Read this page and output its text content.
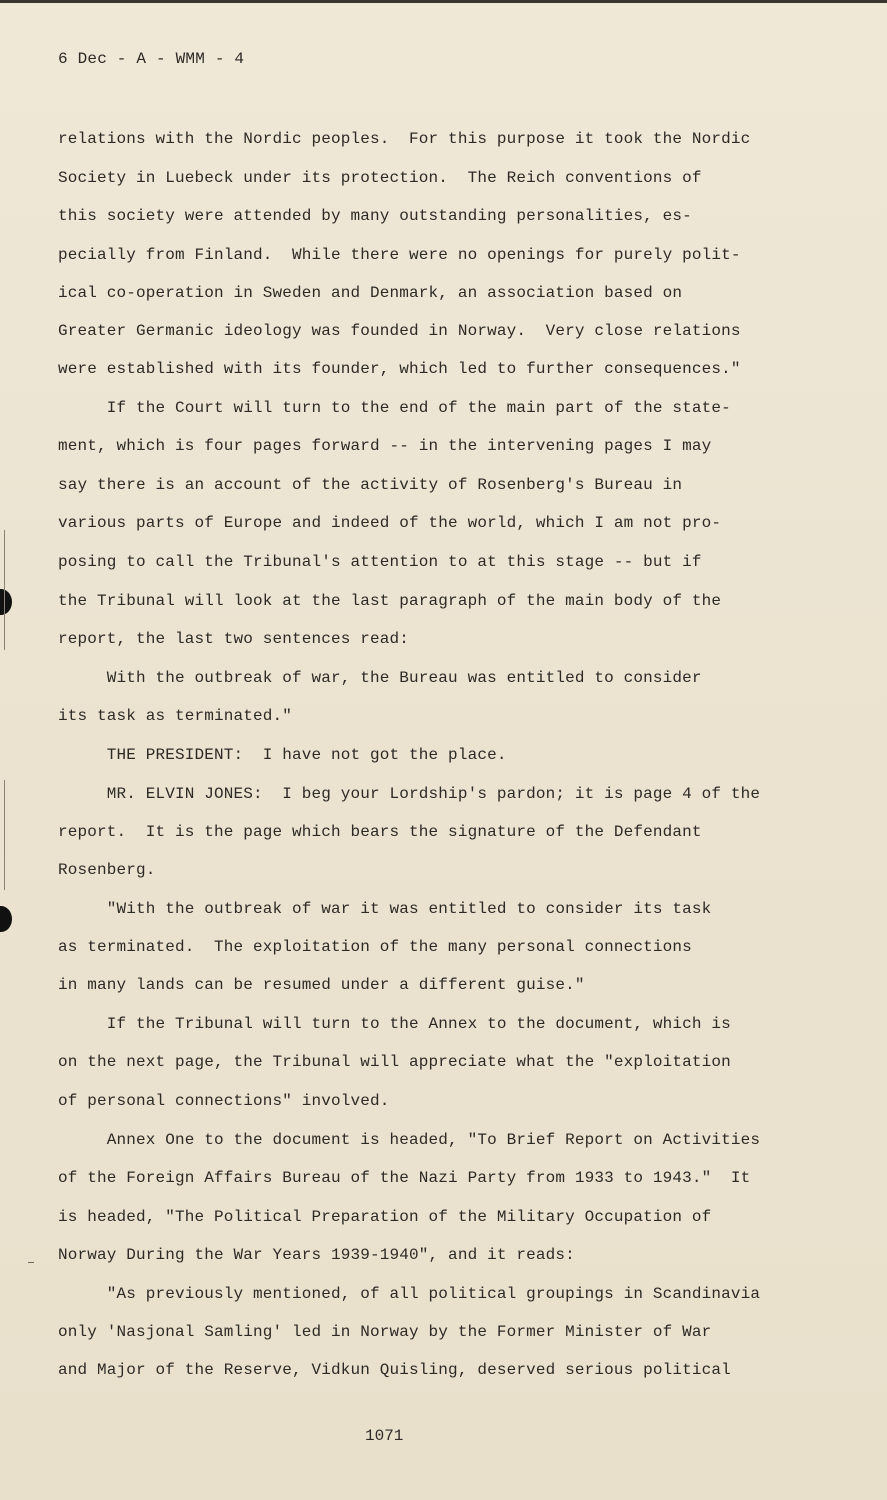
6 Dec - A - WMM - 4
relations with the Nordic peoples.  For this purpose it took the Nordic
Society in Luebeck under its protection.  The Reich conventions of
this society were attended by many outstanding personalities, es-
pecially from Finland.  While there were no openings for purely polit-
ical co-operation in Sweden and Denmark, an association based on
Greater Germanic ideology was founded in Norway.  Very close relations
were established with its founder, which led to further consequences."
If the Court will turn to the end of the main part of the state-
ment, which is four pages forward -- in the intervening pages I may
say there is an account of the activity of Rosenberg's Bureau in
various parts of Europe and indeed of the world, which I am not pro-
posing to call the Tribunal's attention to at this stage -- but if
the Tribunal will look at the last paragraph of the main body of the
report, the last two sentences read:
With the outbreak of war, the Bureau was entitled to consider
its task as terminated."
THE PRESIDENT:  I have not got the place.
MR. ELVIN JONES:  I beg your Lordship's pardon; it is page 4 of the
report.  It is the page which bears the signature of the Defendant
Rosenberg.
"With the outbreak of war it was entitled to consider its task
as terminated.  The exploitation of the many personal connections
in many lands can be resumed under a different guise."
If the Tribunal will turn to the Annex to the document, which is
on the next page, the Tribunal will appreciate what the "exploitation
of personal connections" involved.
Annex One to the document is headed, "To Brief Report on Activities
of the Foreign Affairs Bureau of the Nazi Party from 1933 to 1943."  It
is headed, "The Political Preparation of the Military Occupation of
Norway During the War Years 1939-1940", and it reads:
"As previously mentioned, of all political groupings in Scandinavia
only 'Nasjonal Samling' led in Norway by the Former Minister of War
and Major of the Reserve, Vidkun Quisling, deserved serious political
1071
